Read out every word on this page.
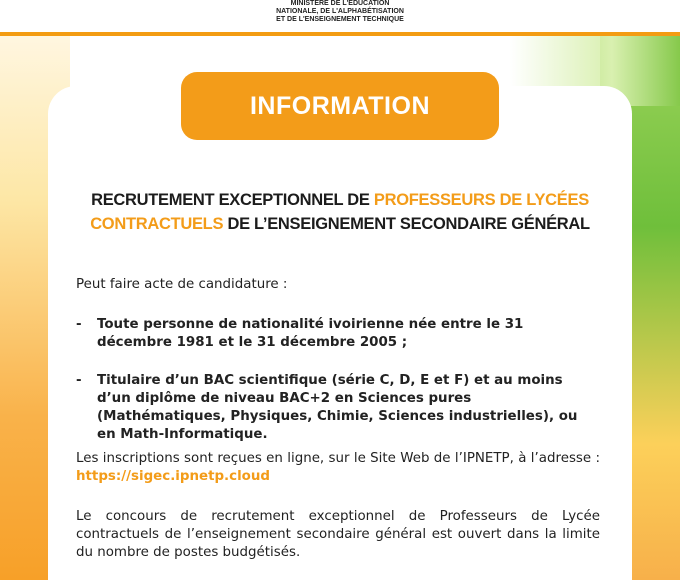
MINISTÈRE DE L'ÉDUCATION
NATIONALE, DE L'ALPHABÉTISATION
ET DE L'ENSEIGNEMENT TECHNIQUE
INFORMATION
RECRUTEMENT EXCEPTIONNEL DE PROFESSEURS DE LYCÉES
CONTRACTUELS DE L’ENSEIGNEMENT SECONDAIRE GÉNÉRAL
Peut faire acte de candidature :
- Toute personne de nationalité ivoirienne née entre le 31 décembre 1981 et le 31 décembre 2005 ;
- Titulaire d’un BAC scientifique (série C, D, E et F) et au moins d’un diplôme de niveau BAC+2 en Sciences pures (Mathématiques, Physiques, Chimie, Sciences industrielles), ou en Math-Informatique.
Les inscriptions sont reçues en ligne, sur le Site Web de l’IPNETP, à l’adresse : https://sigec.ipnetp.cloud
Le concours de recrutement exceptionnel de Professeurs de Lycée contractuels de l’enseignement secondaire général est ouvert dans la limite du nombre de postes budgétisés.
